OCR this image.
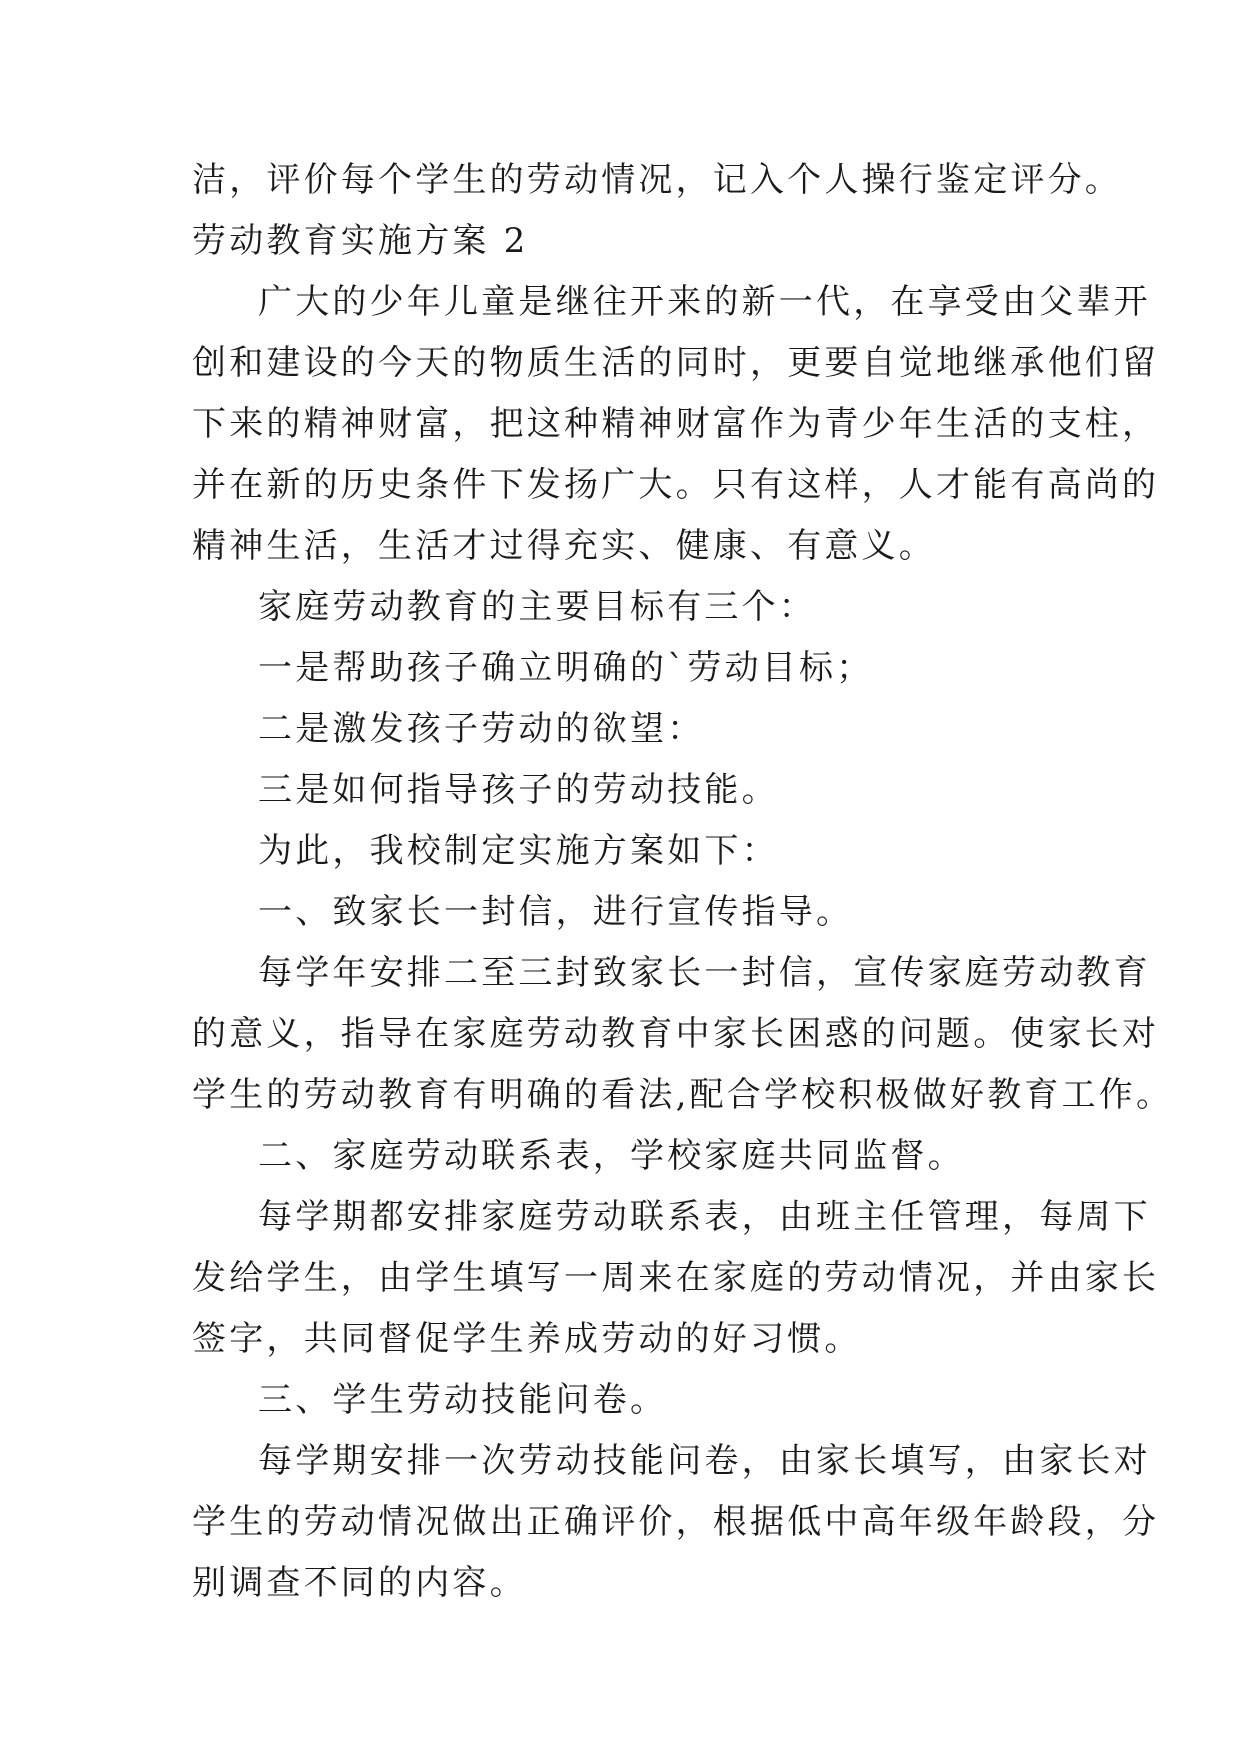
洁，评价每个学生的劳动情况，记入个人操行鉴定评分。

劳动教育实施方案 2

广大的少年儿童是继往开来的新一代，在享受由父辈开

创和建设的今天的物质生活的同时，更要自觉地继承他们留

下来的精神财富，把这种精神财富作为青少年生活的支柱，

并在新的历史条件下发扬广大。只有这样，人才能有高尚的

精神生活，生活才过得充实、健康、有意义。

家庭劳动教育的主要目标有三个：

一是帮助孩子确立明确的`劳动目标；

二是激发孩子劳动的欲望：

三是如何指导孩子的劳动技能。

为此，我校制定实施方案如下：

一、致家长一封信，进行宣传指导。

每学年安排二至三封致家长一封信，宣传家庭劳动教育

的意义，指导在家庭劳动教育中家长困惑的问题。使家长对

学生的劳动教育有明确的看法,配合学校积极做好教育工作。

二、家庭劳动联系表，学校家庭共同监督。

每学期都安排家庭劳动联系表，由班主任管理，每周下

发给学生，由学生填写一周来在家庭的劳动情况，并由家长

签字，共同督促学生养成劳动的好习惯。

三、学生劳动技能问卷。

每学期安排一次劳动技能问卷，由家长填写，由家长对

学生的劳动情况做出正确评价，根据低中高年级年龄段，分

别调查不同的内容。
